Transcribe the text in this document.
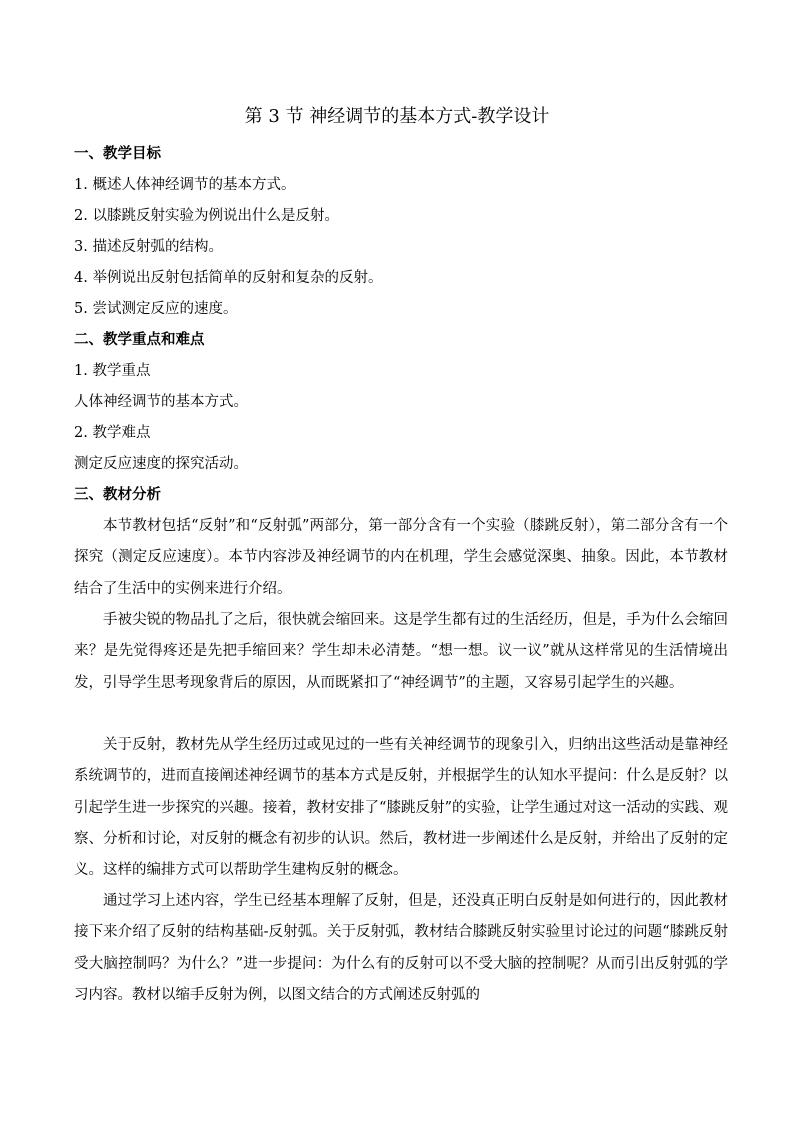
第 3 节 神经调节的基本方式-教学设计
一、教学目标
1. 概述人体神经调节的基本方式。
2. 以膝跳反射实验为例说出什么是反射。
3. 描述反射弧的结构。
4. 举例说出反射包括简单的反射和复杂的反射。
5. 尝试测定反应的速度。
二、教学重点和难点
1. 教学重点
人体神经调节的基本方式。
2. 教学难点
测定反应速度的探究活动。
三、教材分析

本节教材包括“反射”和“反射弧”两部分，第一部分含有一个实验（膝跳反射），第二部分含有一个探究（测定反应速度）。本节内容涉及神经调节的内在机理，学生会感觉深奥、抽象。因此，本节教材结合了生活中的实例来进行介绍。

手被尖锐的物品扎了之后，很快就会缩回来。这是学生都有过的生活经历，但是，手为什么会缩回来？是先觉得疼还是先把手缩回来？学生却未必清楚。“想一想。议一议”就从这样常见的生活情境出发，引导学生思考现象背后的原因，从而既紧扣了“神经调节”的主题，又容易引起学生的兴趣。

关于反射，教材先从学生经历过或见过的一些有关神经调节的现象引入，归纳出这些活动是靠神经系统调节的，进而直接阐述神经调节的基本方式是反射，并根据学生的认知水平提问：什么是反射？以引起学生进一步探究的兴趣。接着，教材安排了“膝跳反射”的实验，让学生通过对这一活动的实践、观察、分析和讨论，对反射的概念有初步的认识。然后，教材进一步阐述什么是反射，并给出了反射的定义。这样的编排方式可以帮助学生建构反射的概念。

通过学习上述内容，学生已经基本理解了反射，但是，还没真正明白反射是如何进行的，因此教材接下来介绍了反射的结构基础-反射弧。关于反射弧，教材结合膝跳反射实验里讨论过的问题“膝跳反射受大脑控制吗？为什么？”进一步提问：为什么有的反射可以不受大脑的控制呢？从而引出反射弧的学习内容。教材以缩手反射为例，以图文结合的方式阐述反射弧的
